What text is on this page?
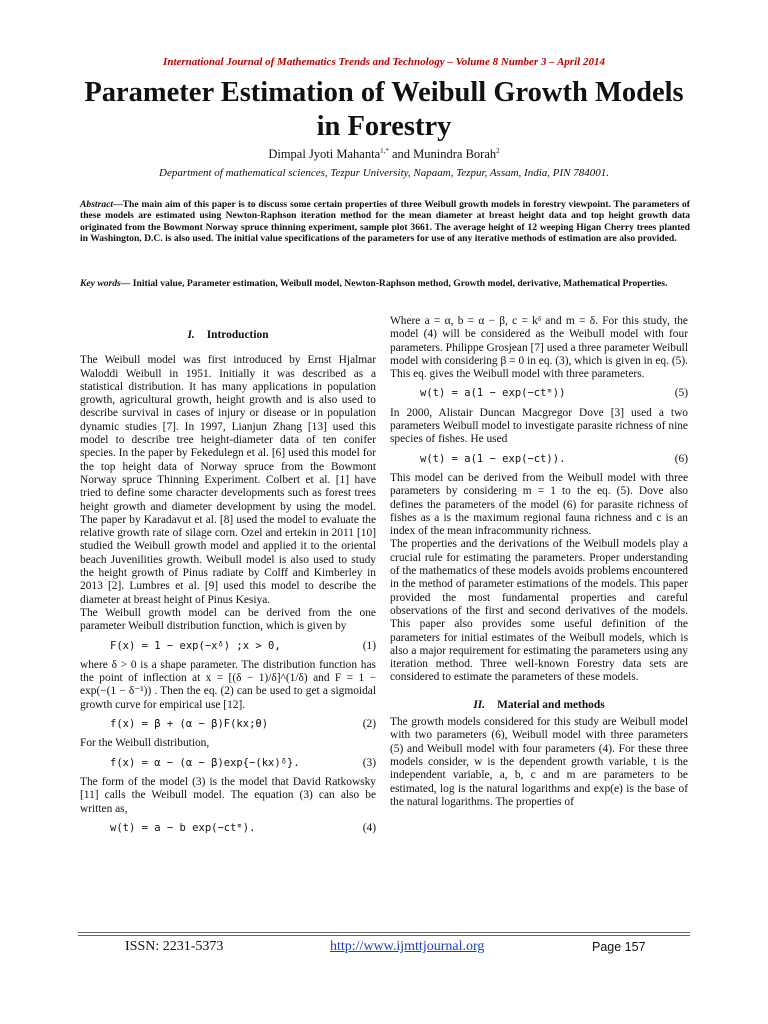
International Journal of Mathematics Trends and Technology – Volume 8 Number 3 – April 2014
Parameter Estimation of Weibull Growth Models
in Forestry
Dimpal Jyoti Mahanta$^{1,*}$ and Munindra Borah$^2$
Department of mathematical sciences, Tezpur University, Napaam, Tezpur, Assam, India, PIN 784001.
Abstract—The main aim of this paper is to discuss some certain properties of three Weibull growth models in forestry viewpoint. The parameters of these models are estimated using Newton-Raphson iteration method for the mean diameter at breast height data and top height growth data originated from the Bowmont Norway spruce thinning experiment, sample plot 3661. The average height of 12 weeping Higan Cherry trees planted in Washington, D.C. is also used. The initial value specifications of the parameters for use of any iterative methods of estimation are also provided.
Key words— Initial value, Parameter estimation, Weibull model, Newton-Raphson method, Growth model, derivative, Mathematical Properties.
I. Introduction

The Weibull model was first introduced by Ernst Hjalmar Waloddi Weibull in 1951. Initially it was described as a statistical distribution. It has many applications in population growth, agricultural growth, height growth and is also used to describe survival in cases of injury or disease or in population dynamic studies [7]. In 1997, Lianjun Zhang [13] used this model to describe tree height-diameter data of ten conifer species. In the paper by Fekedulegn et al. [6] used this model for the top height data of Norway spruce from the Bowmont Norway spruce Thinning Experiment. Colbert et al. [1] have tried to define some character developments such as forest trees height growth and diameter development by using the model. The paper by Karadavut et al. [8] used the model to evaluate the relative growth rate of silage corn. Ozel and ertekin in 2011 [10] studied the Weibull growth model and applied it to the oriental beach Juvenilities growth. Weibull model is also used to study the height growth of Pinus radiate by Colff and Kimberley in 2013 [2]. Lumbres et al. [9] used this model to describe the diameter at breast height of Pinus Kesiya.

The Weibull growth model can be derived from the one parameter Weibull distribution function, which is given by

F(x) = 1 − exp(−xᵟ) ;x > 0,	(1)

where δ > 0 is a shape parameter. The distribution function has the point of inflection at x = [(δ − 1)/δ]^(1/δ) and F = 1 − exp(−(1 − δ⁻¹)) . Then the eq. (2) can be used to get a sigmoidal growth curve for empirical use [12].

f(x) = β + (α − β)F(kx;θ)	(2)

For the Weibull distribution,

f(x) = α − (α − β)exp{−(kx)ᵟ}.	(3)

The form of the model (3) is the model that David Ratkowsky [11] calls the Weibull model. The equation (3) can also be written as,

w(t) = a − b exp(−ctᵐ).	(4)

Where a = α, b = α − β, c = kᵟ and m = δ. For this study, the model (4) will be considered as the Weibull model with four parameters. Philippe Grosjean [7] used a three parameter Weibull model with considering β = 0 in eq. (3), which is given in eq. (5). This eq. gives the Weibull model with three parameters.

w(t) = a(1 − exp(−ctᵐ))	(5)

In 2000, Alistair Duncan Macgregor Dove [3] used a two parameters Weibull model to investigate parasite richness of nine species of fishes. He used

w(t) = a(1 − exp(−ct)).	(6)

This model can be derived from the Weibull model with three parameters by considering m = 1 to the eq. (5). Dove also defines the parameters of the model (6) for parasite richness of fishes as a is the maximum regional fauna richness and c is an index of the mean infracommunity richness.

The properties and the derivations of the Weibull models play a crucial rule for estimating the parameters. Proper understanding of the mathematics of these models avoids problems encountered in the method of parameter estimations of the models. This paper provided the most fundamental properties and careful observations of the first and second derivatives of the models. This paper also provides some useful definition of the parameters for initial estimates of the Weibull models, which is also a major requirement for estimating the parameters using any iteration method. Three well-known Forestry data sets are considered to estimate the parameters of these models.

II. Material and methods

The growth models considered for this study are Weibull model with two parameters (6), Weibull model with three parameters (5) and Weibull model with four parameters (4). For these three models consider, w is the dependent growth variable, t is the independent variable, a, b, c and m are parameters to be estimated, log is the natural logarithms and exp(e) is the base of the natural logarithms. The properties of

ISSN: 2231-5373	http://www.ijmttjournal.org	Page 157
